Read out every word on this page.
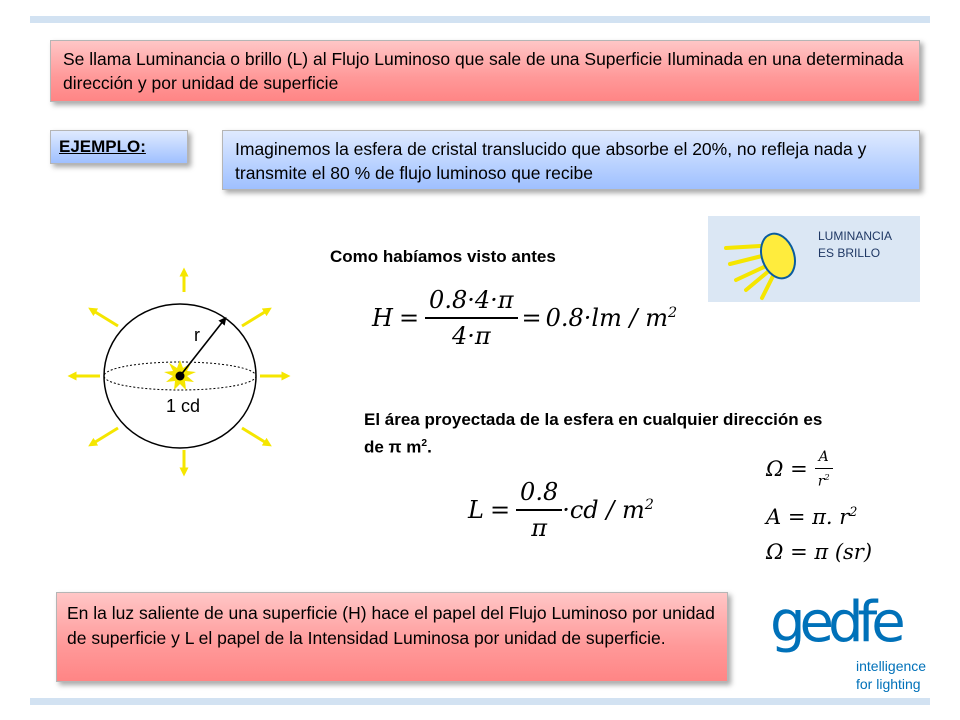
Se llama Luminancia o brillo (L) al Flujo Luminoso que sale de una Superficie Iluminada en una determinada dirección y por unidad de superficie
EJEMPLO:	Imaginemos la esfera de cristal translucido que absorbe el 20%, no refleja nada y transmite el 80 % de flujo luminoso que recibe
LUMINANCIA
ES BRILLO
Como habíamos visto antes
r
1 cd
$H = \frac{0.8\cdot 4\cdot\pi}{4\cdot\pi} = 0.8\cdot lm / m^2$
El área proyectada de la esfera en cualquier dirección es de π $m^2$.
$L = \frac{0.8}{\pi} \cdot cd / m^2$
$\Omega = \frac{A}{r^2}$
A = π. $r^2$
Ω = π (sr)
En la luz saliente de una superficie (H) hace el papel del Flujo Luminoso por unidad de superficie y L el papel de la Intensidad Luminosa por unidad de superficie.	gedfe
intelligence
for lighting
